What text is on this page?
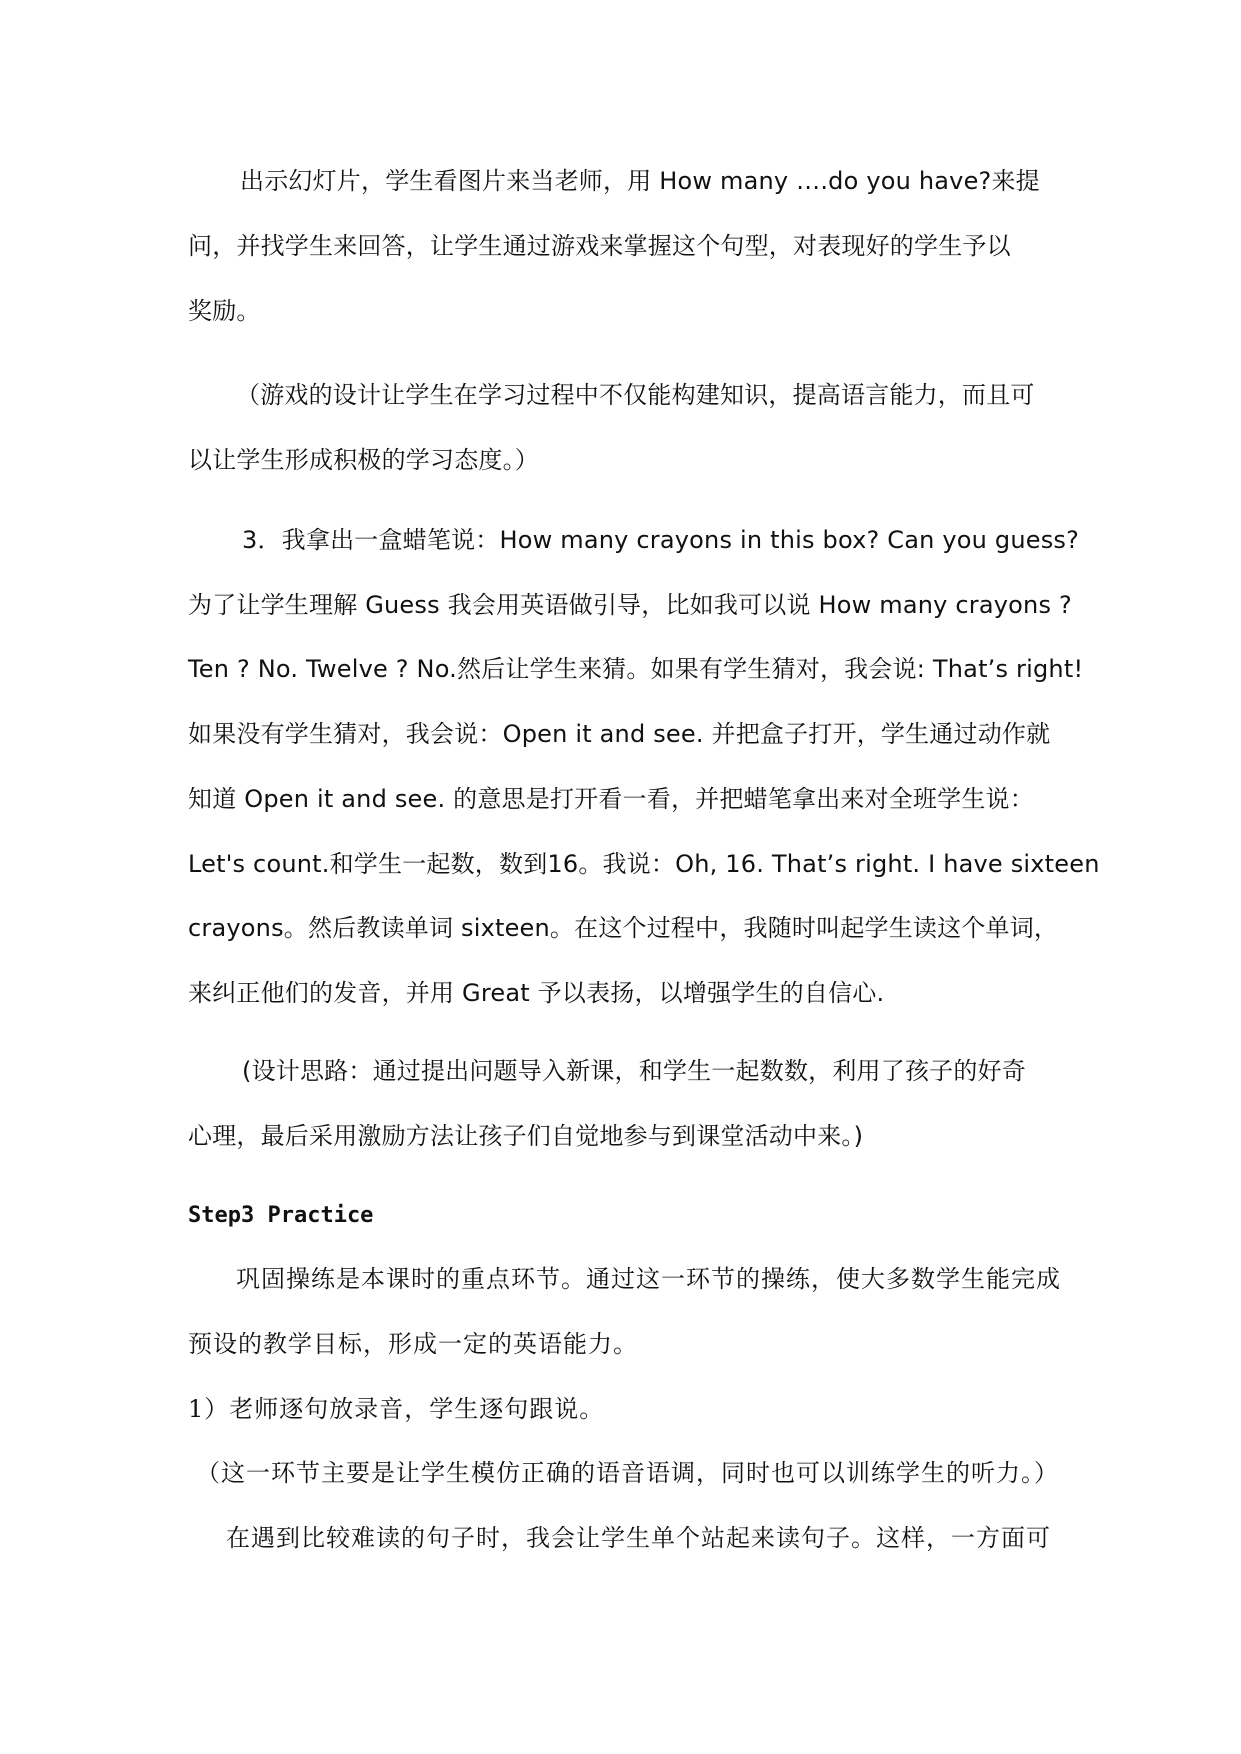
出示幻灯片，学生看图片来当老师，用 How many ….do you have?来提
问，并找学生来回答，让学生通过游戏来掌握这个句型，对表现好的学生予以
奖励。
（游戏的设计让学生在学习过程中不仅能构建知识，提高语言能力，而且可
以让学生形成积极的学习态度。）
3．我拿出一盒蜡笔说：How many crayons in this box? Can you guess?
为了让学生理解 Guess 我会用英语做引导，比如我可以说 How many crayons ?
Ten ? No. Twelve ? No.然后让学生来猜。如果有学生猜对，我会说: That’s right!
如果没有学生猜对，我会说：Open it and see. 并把盒子打开，学生通过动作就
知道 Open it and see. 的意思是打开看一看，并把蜡笔拿出来对全班学生说：
Let's count.和学生一起数，数到16。我说：Oh, 16. That’s right. I have sixteen
crayons。然后教读单词 sixteen。在这个过程中，我随时叫起学生读这个单词，
来纠正他们的发音，并用 Great 予以表扬，以增强学生的自信心.
(设计思路：通过提出问题导入新课，和学生一起数数，利用了孩子的好奇
心理，最后采用激励方法让孩子们自觉地参与到课堂活动中来。)
Step3 Practice
巩固操练是本课时的重点环节。通过这一环节的操练，使大多数学生能完成
预设的教学目标，形成一定的英语能力。
1）老师逐句放录音，学生逐句跟说。
（这一环节主要是让学生模仿正确的语音语调，同时也可以训练学生的听力。）
在遇到比较难读的句子时，我会让学生单个站起来读句子。这样，一方面可
